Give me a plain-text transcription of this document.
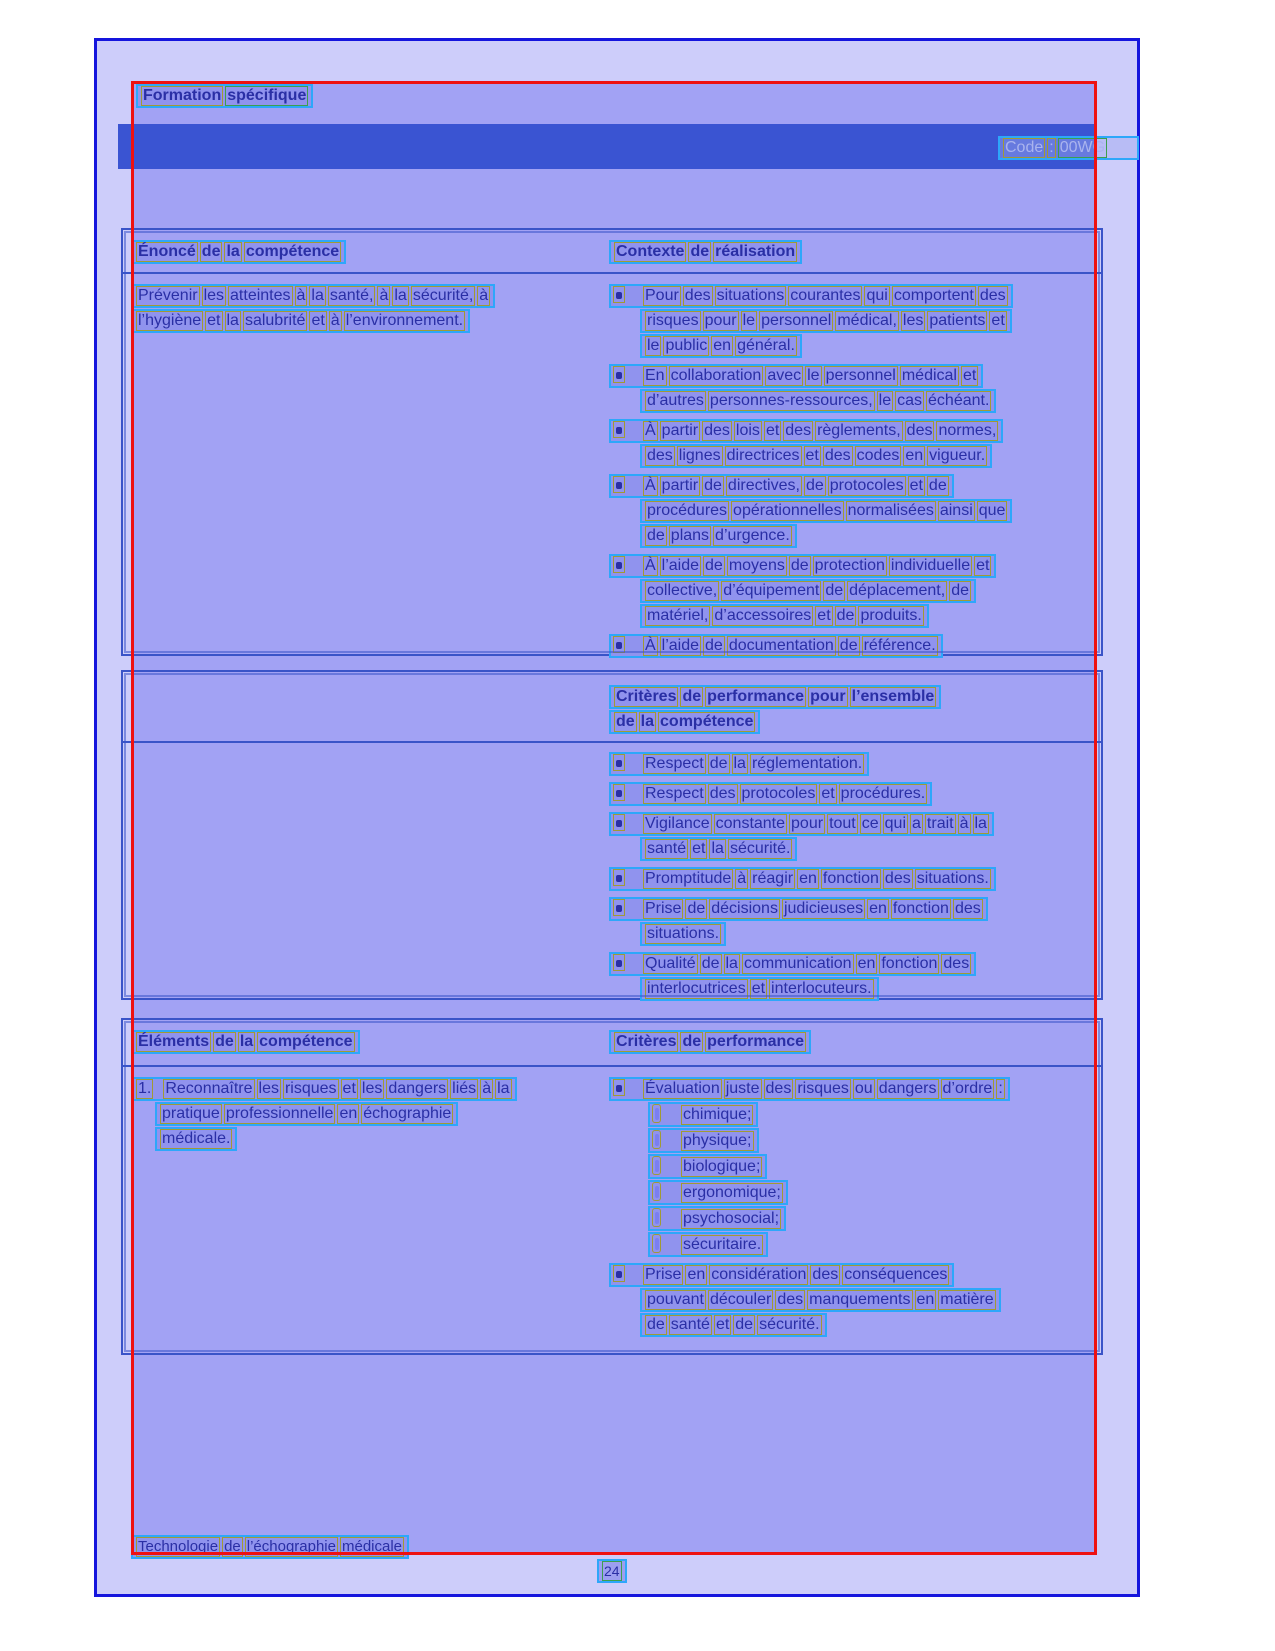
Formation spécifique
Code : 00WG
Énoncé de la compétence	Contexte de réalisation
Prévenir les atteintes à la santé, à la sécurité, à
l’hygiène et la salubrité et à l’environnement.
Pour des situations courantes qui comportent des
risques pour le personnel médical, les patients et
le public en général.
En collaboration avec le personnel médical et
d’autres personnes-ressources, le cas échéant.
À partir des lois et des règlements, des normes,
des lignes directrices et des codes en vigueur.
À partir de directives, de protocoles et de
procédures opérationnelles normalisées ainsi que
de plans d’urgence.
À l’aide de moyens de protection individuelle et
collective, d’équipement de déplacement, de
matériel, d’accessoires et de produits.
À l’aide de documentation de référence.
Critères de performance pour l’ensemble
de la compétence
Respect de la réglementation.
Respect des protocoles et procédures.
Vigilance constante pour tout ce qui a trait à la
santé et la sécurité.
Promptitude à réagir en fonction des situations.
Prise de décisions judicieuses en fonction des
situations.
Qualité de la communication en fonction des
interlocutrices et interlocuteurs.
Éléments de la compétence	Critères de performance
1. Reconnaître les risques et les dangers liés à la
pratique professionnelle en échographie
médicale.
Évaluation juste des risques ou dangers d’ordre :
chimique;
physique;
biologique;
ergonomique;
psychosocial;
sécuritaire.
Prise en considération des conséquences
pouvant découler des manquements en matière
de santé et de sécurité.
Technologie de l’échographie médicale
24
